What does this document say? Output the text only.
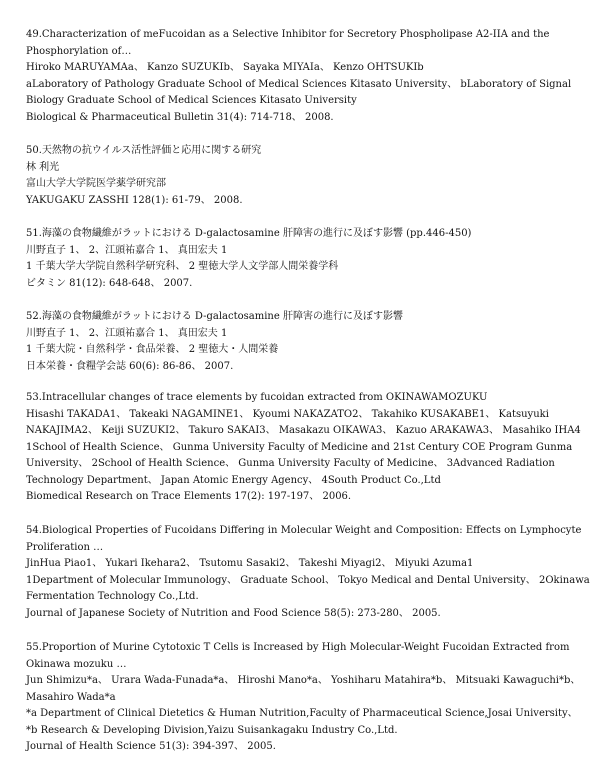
49.Characterization of meFucoidan as a Selective Inhibitor for Secretory Phospholipase A2-IIA and the
Phosphorylation of…
Hiroko MARUYAMAa、 Kanzo SUZUKIb、 Sayaka MIYAIa、 Kenzo OHTSUKIb
aLaboratory of Pathology Graduate School of Medical Sciences Kitasato University、 bLaboratory of Signal
Biology Graduate School of Medical Sciences Kitasato University
Biological & Pharmaceutical Bulletin 31(4): 714-718、 2008.
50.天然物の抗ウイルス活性評価と応用に関する研究
林 利光
富山大学大学院医学薬学研究部
YAKUGAKU ZASSHI 128(1): 61-79、 2008.
51.海藻の食物繊維がラットにおける D-galactosamine 肝障害の進行に及ぼす影響 (pp.446-450)
川野直子 1、 2、江頭祐嘉合 1、 真田宏夫 1
1 千葉大学大学院自然科学研究科、 2 聖徳大学人文学部人間栄養学科
ビタミン 81(12): 648-648、 2007.
52.海藻の食物繊維がラットにおける D-galactosamine 肝障害の進行に及ぼす影響
川野直子 1、 2、江頭祐嘉合 1、 真田宏夫 1
1 千葉大院・自然科学・食品栄養、 2 聖徳大・人間栄養
日本栄養・食糧学会誌 60(6): 86-86、 2007.
53.Intracellular changes of trace elements by fucoidan extracted from OKINAWAMOZUKU
Hisashi TAKADA1、 Takeaki NAGAMINE1、 Kyoumi NAKAZATO2、 Takahiko KUSAKABE1、 Katsuyuki
NAKAJIMA2、 Keiji SUZUKI2、 Takuro SAKAI3、 Masakazu OIKAWA3、 Kazuo ARAKAWA3、 Masahiko IHA4
1School of Health Science、 Gunma University Faculty of Medicine and 21st Century COE Program Gunma
University、 2School of Health Science、 Gunma University Faculty of Medicine、 3Advanced Radiation
Technology Department、 Japan Atomic Energy Agency、 4South Product Co.,Ltd
Biomedical Research on Trace Elements 17(2): 197-197、 2006.
54.Biological Properties of Fucoidans Differing in Molecular Weight and Composition: Effects on Lymphocyte
Proliferation …
JinHua Piao1、 Yukari Ikehara2、 Tsutomu Sasaki2、 Takeshi Miyagi2、 Miyuki Azuma1
1Department of Molecular Immunology、 Graduate School、 Tokyo Medical and Dental University、 2Okinawa
Fermentation Technology Co.,Ltd.
Journal of Japanese Society of Nutrition and Food Science 58(5): 273-280、 2005.
55.Proportion of Murine Cytotoxic T Cells is Increased by High Molecular-Weight Fucoidan Extracted from
Okinawa mozuku …
Jun Shimizu*a、 Urara Wada-Funada*a、 Hiroshi Mano*a、 Yoshiharu Matahira*b、 Mitsuaki Kawaguchi*b、
Masahiro Wada*a
*a Department of Clinical Dietetics & Human Nutrition,Faculty of Pharmaceutical Science,Josai University、
*b Research & Developing Division,Yaizu Suisankagaku Industry Co.,Ltd.
Journal of Health Science 51(3): 394-397、 2005.
